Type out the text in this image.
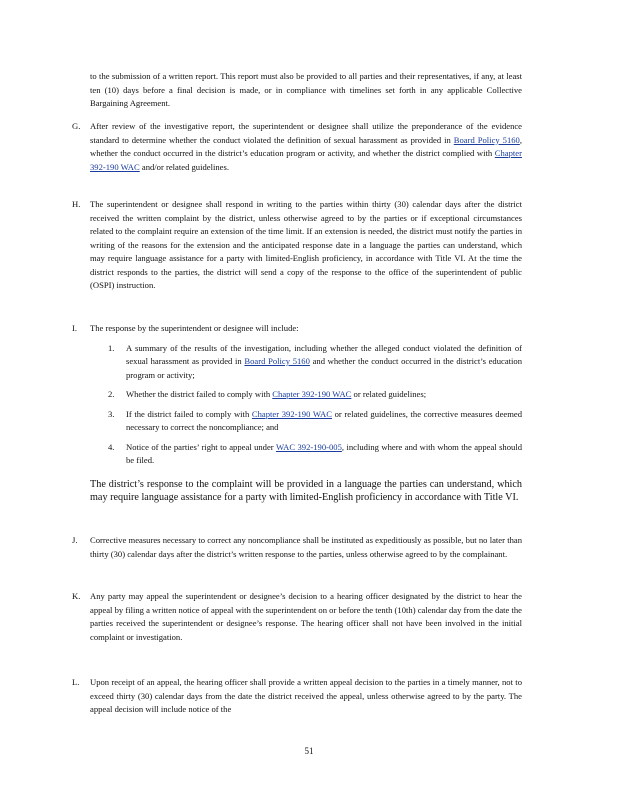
to the submission of a written report. This report must also be provided to all parties and their representatives, if any, at least ten (10) days before a final decision is made, or in compliance with timelines set forth in any applicable Collective Bargaining Agreement.
G.	After review of the investigative report, the superintendent or designee shall utilize the preponderance of the evidence standard to determine whether the conduct violated the definition of sexual harassment as provided in Board Policy 5160, whether the conduct occurred in the district’s education program or activity, and whether the district complied with Chapter 392-190 WAC and/or related guidelines.
H.	The superintendent or designee shall respond in writing to the parties within thirty (30) calendar days after the district received the written complaint by the district, unless otherwise agreed to by the parties or if exceptional circumstances related to the complaint require an extension of the time limit. If an extension is needed, the district must notify the parties in writing of the reasons for the extension and the anticipated response date in a language the parties can understand, which may require language assistance for a party with limited-English proficiency, in accordance with Title VI. At the time the district responds to the parties, the district will send a copy of the response to the office of the superintendent of public (OSPI) instruction.
I.	The response by the superintendent or designee will include:
1.	A summary of the results of the investigation, including whether the alleged conduct violated the definition of sexual harassment as provided in Board Policy 5160 and whether the conduct occurred in the district’s education program or activity;
2.	Whether the district failed to comply with Chapter 392-190 WAC or related guidelines;
3.	If the district failed to comply with Chapter 392-190 WAC or related guidelines, the corrective measures deemed necessary to correct the noncompliance; and
4.	Notice of the parties’ right to appeal under WAC 392-190-005, including where and with whom the appeal should be filed.
The district’s response to the complaint will be provided in a language the parties can understand, which may require language assistance for a party with limited-English proficiency in accordance with Title VI.
J.	Corrective measures necessary to correct any noncompliance shall be instituted as expeditiously as possible, but no later than thirty (30) calendar days after the district’s written response to the parties, unless otherwise agreed to by the complainant.
K.	Any party may appeal the superintendent or designee’s decision to a hearing officer designated by the district to hear the appeal by filing a written notice of appeal with the superintendent on or before the tenth (10th) calendar day from the date the parties received the superintendent or designee’s response. The hearing officer shall not have been involved in the initial complaint or investigation.
L.	Upon receipt of an appeal, the hearing officer shall provide a written appeal decision to the parties in a timely manner, not to exceed thirty (30) calendar days from the date the district received the appeal, unless otherwise agreed to by the party. The appeal decision will include notice of the
51
